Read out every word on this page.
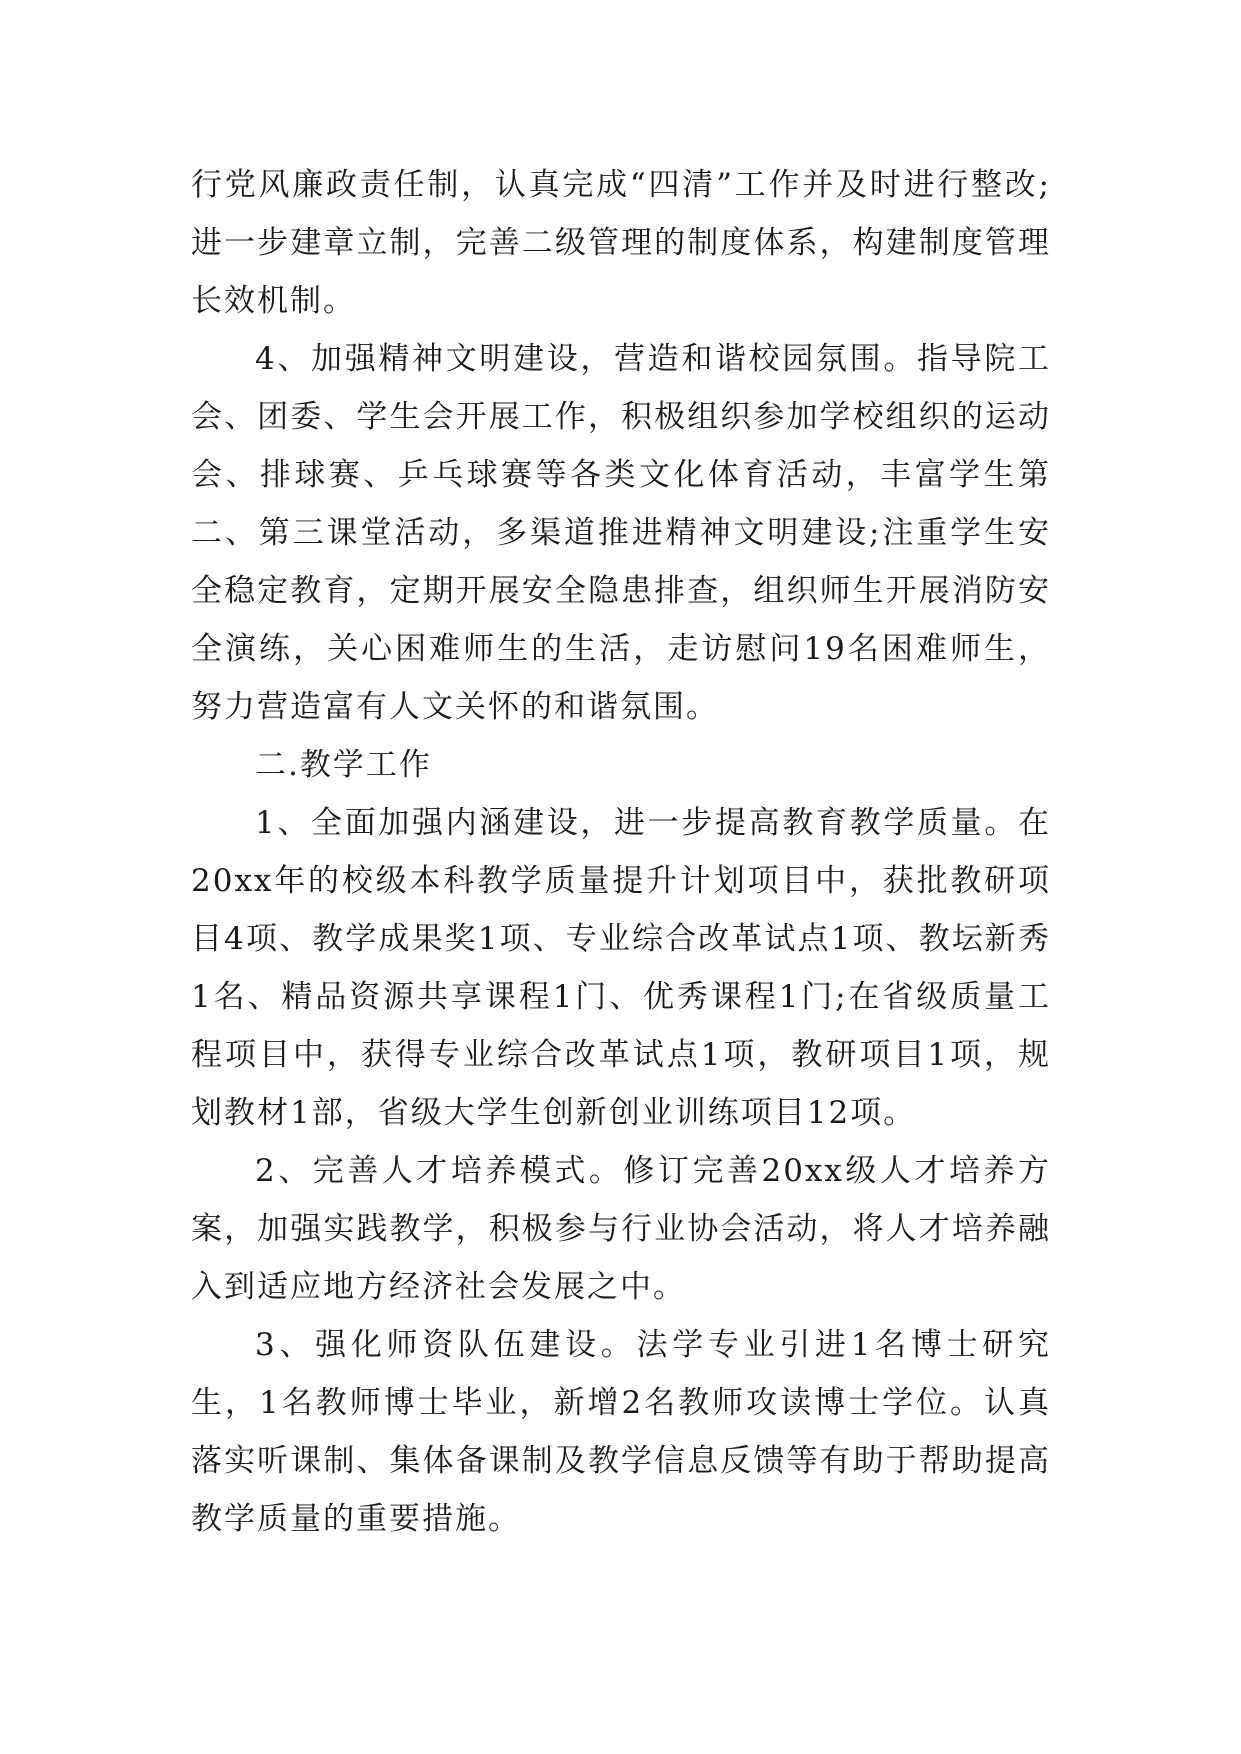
行党风廉政责任制，认真完成“四清”工作并及时进行整改;进一步建章立制，完善二级管理的制度体系，构建制度管理长效机制。

4、加强精神文明建设，营造和谐校园氛围。指导院工会、团委、学生会开展工作，积极组织参加学校组织的运动会、排球赛、乒乓球赛等各类文化体育活动，丰富学生第二、第三课堂活动，多渠道推进精神文明建设;注重学生安全稳定教育，定期开展安全隐患排查，组织师生开展消防安全演练，关心困难师生的生活，走访慰问19名困难师生，努力营造富有人文关怀的和谐氛围。

二.教学工作

1、全面加强内涵建设，进一步提高教育教学质量。在20xx年的校级本科教学质量提升计划项目中，获批教研项目4项、教学成果奖1项、专业综合改革试点1项、教坛新秀1名、精品资源共享课程1门、优秀课程1门;在省级质量工程项目中，获得专业综合改革试点1项，教研项目1项，规划教材1部，省级大学生创新创业训练项目12项。

2、完善人才培养模式。修订完善20xx级人才培养方案，加强实践教学，积极参与行业协会活动，将人才培养融入到适应地方经济社会发展之中。

3、强化师资队伍建设。法学专业引进1名博士研究生，1名教师博士毕业，新增2名教师攻读博士学位。认真落实听课制、集体备课制及教学信息反馈等有助于帮助提高教学质量的重要措施。
